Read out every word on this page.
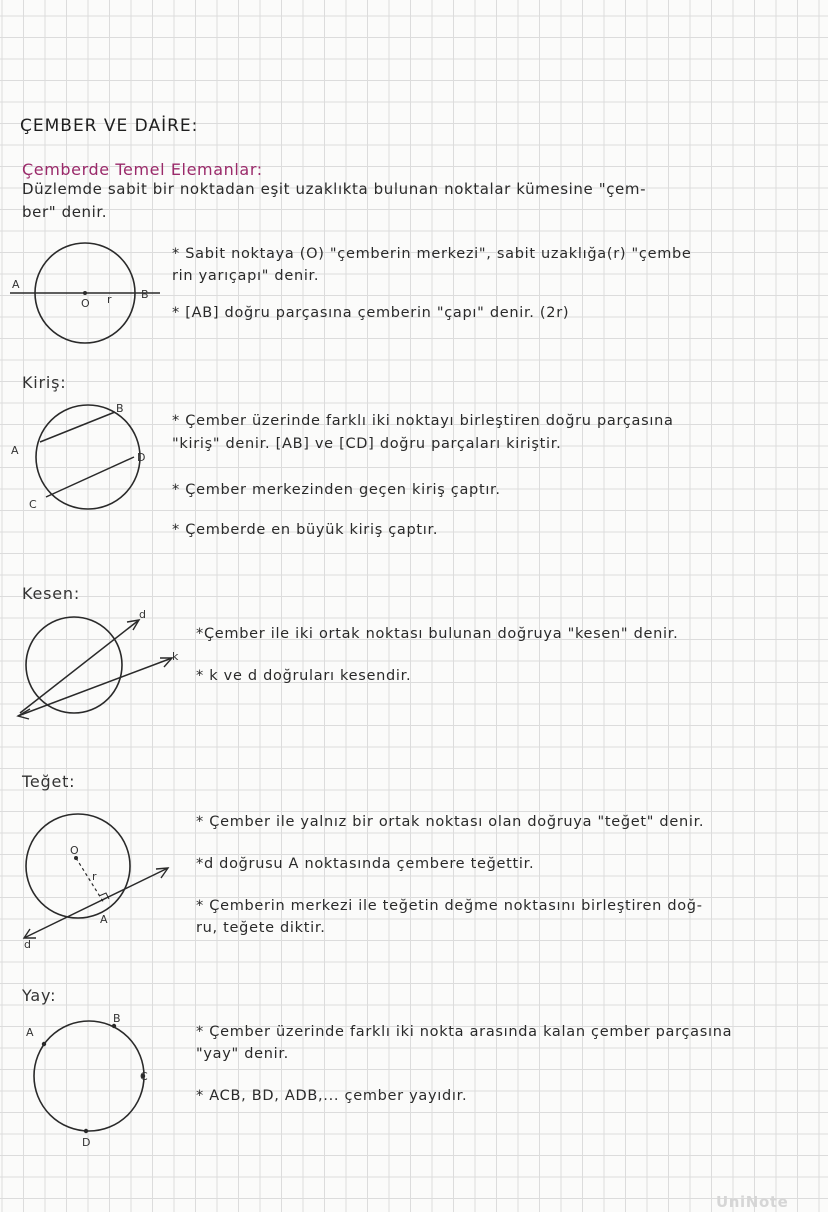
ÇEMBER VE DAİRE:
Çemberde Temel Elemanlar:
Düzlemde sabit bir noktadan eşit uzaklıkta bulunan noktalar kümesine "çem-
ber" denir.
A
B
O r
* Sabit noktaya (O) "çemberin merkezi", sabit uzaklığa(r) "çembe
rin yarıçapı" denir.
* [AB] doğru parçasına çemberin "çapı" denir. (2r)
Kiriş:
A
B
C
D
* Çember üzerinde farklı iki noktayı birleştiren doğru parçasına
"kiriş" denir. [AB] ve [CD] doğru parçaları kiriştir.
* Çember merkezinden geçen kiriş çaptır.
* Çemberde en büyük kiriş çaptır.
Kesen:
d
k
*Çember ile iki ortak noktası bulunan doğruya "kesen" denir.
* k ve d doğruları kesendir.
Teğet:
O
r
A
d
* Çember ile yalnız bir ortak noktası olan doğruya "teğet" denir.
*d doğrusu A noktasında çembere teğettir.
* Çemberin merkezi ile teğetin değme noktasını birleştiren doğ-
ru, teğete diktir.
Yay:
A
B
C
D
* Çember üzerinde farklı iki nokta arasında kalan çember parçasına
"yay" denir.
* ACB, BD, ADB,... çember yayıdır.
UniNote
